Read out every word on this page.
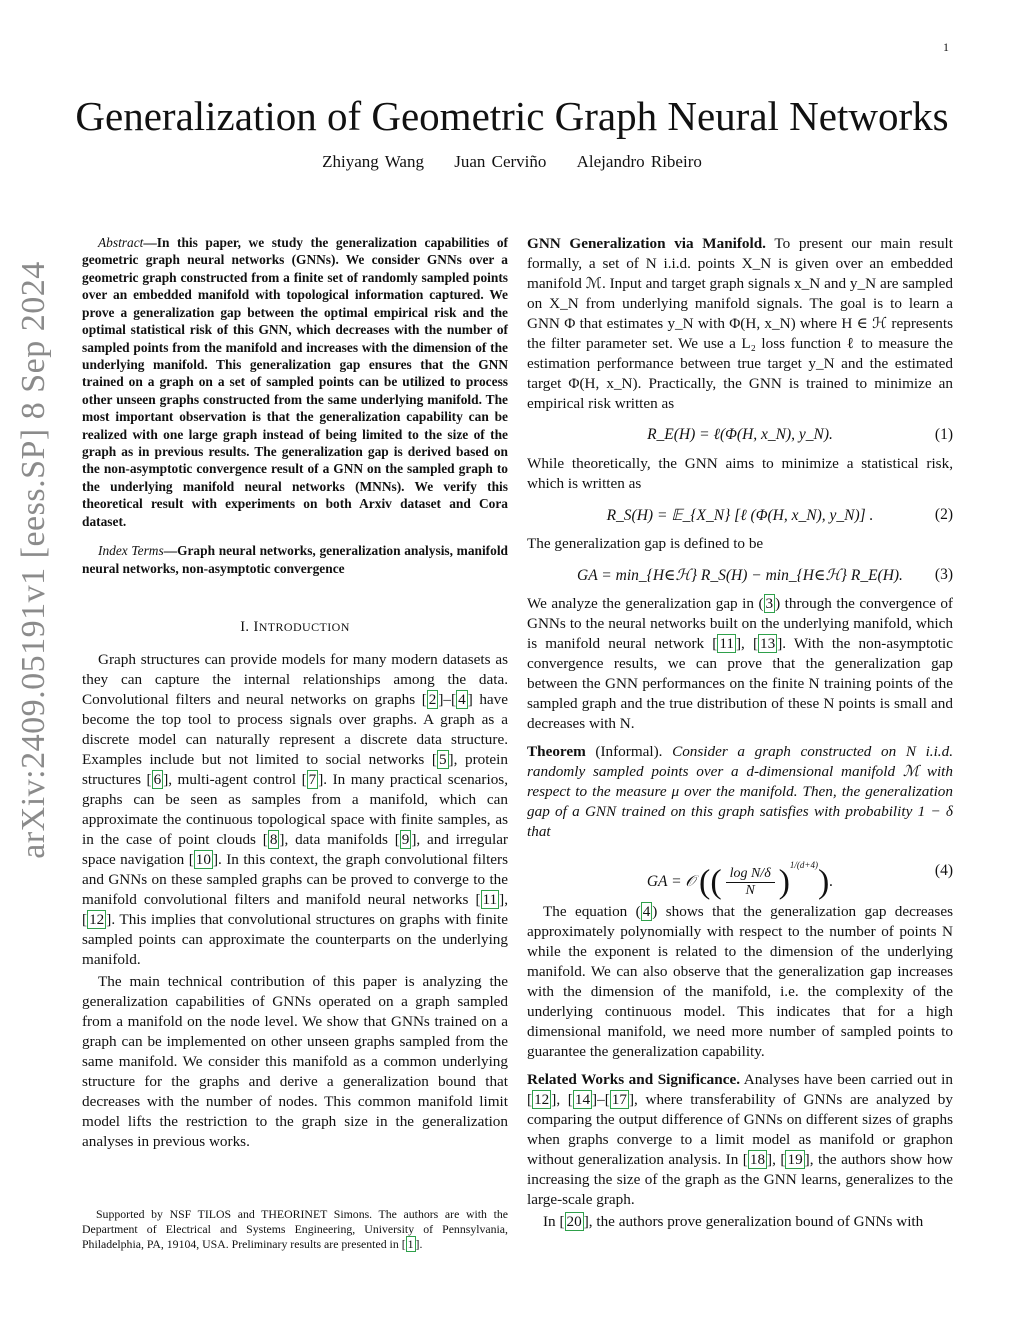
1
arXiv:2409.05191v1 [eess.SP] 8 Sep 2024
Generalization of Geometric Graph Neural Networks
Zhiyang Wang Juan Cerviño Alejandro Ribeiro

Abstract—In this paper, we study the generalization capabilities of geometric graph neural networks (GNNs). We consider GNNs over a geometric graph constructed from a finite set of randomly sampled points over an embedded manifold with topological information captured. We prove a generalization gap between the optimal empirical risk and the optimal statistical risk of this GNN, which decreases with the number of sampled points from the manifold and increases with the dimension of the underlying manifold. This generalization gap ensures that the GNN trained on a graph on a set of sampled points can be utilized to process other unseen graphs constructed from the same underlying manifold. The most important observation is that the generalization capability can be realized with one large graph instead of being limited to the size of the graph as in previous results. The generalization gap is derived based on the non-asymptotic convergence result of a GNN on the sampled graph to the underlying manifold neural networks (MNNs). We verify this theoretical result with experiments on both Arxiv dataset and Cora dataset.

Index Terms—Graph neural networks, generalization analysis, manifold neural networks, non-asymptotic convergence

I. INTRODUCTION

Graph structures can provide models for many modern datasets as they can capture the internal relationships among the data. Convolutional filters and neural networks on graphs [ 2 ]–[ 4 ] have become the top tool to process signals over graphs. A graph as a discrete model can naturally represent a discrete data structure. Examples include but not limited to social networks [ 5 ], protein structures [ 6 ], multi-agent control [ 7 ]. In many practical scenarios, graphs can be seen as samples from a manifold, which can approximate the continuous topological space with finite samples, as in the case of point clouds [ 8 ], data manifolds [ 9 ], and irregular space navigation [ 10 ]. In this context, the graph convolutional filters and GNNs on these sampled graphs can be proved to converge to the manifold convolutional filters and manifold neural networks [ 11 ], [ 12 ]. This implies that convolutional structures on graphs with finite sampled points can approximate the counterparts on the underlying manifold.

The main technical contribution of this paper is analyzing the generalization capabilities of GNNs operated on a graph sampled from a manifold on the node level. We show that GNNs trained on a graph can be implemented on other unseen graphs sampled from the same manifold. We consider this manifold as a common underlying structure for the graphs and derive a generalization bound that decreases with the number of nodes. This common manifold limit model lifts the restriction to the graph size in the generalization analyses in previous works.

Supported by NSF TILOS and THEORINET Simons. The authors are with the Department of Electrical and Systems Engineering, University of Pennsylvania, Philadelphia, PA, 19104, USA. Preliminary results are presented in [ 1 ].

GNN Generalization via Manifold. To present our main result formally, a set of N i.i.d. points X_N is given over an embedded manifold ℳ. Input and target graph signals x_N and y_N are sampled on X_N from underlying manifold signals. The goal is to learn a GNN Φ that estimates y_N with Φ(H, x_N) where H ∈ ℋ represents the filter parameter set. We use a L₂ loss function ℓ to measure the estimation performance between true target y_N and the estimated target Φ(H, x_N). Practically, the GNN is trained to minimize an empirical risk written as

R_E(H) = ℓ(Φ(H, x_N), y_N).	(1)

While theoretically, the GNN aims to minimize a statistical risk, which is written as

R_S(H) = 𝔼_{X_N} [ℓ (Φ(H, x_N), y_N)] .	(2)

The generalization gap is defined to be

GA = min_{H∈ℋ} R_S(H) − min_{H∈ℋ} R_E(H).	(3)

We analyze the generalization gap in ( 3 ) through the convergence of GNNs to the neural networks built on the underlying manifold, which is manifold neural network [ 11 ], [ 13 ]. With the non-asymptotic convergence results, we can prove that the generalization gap between the GNN performances on the finite N training points of the sampled graph and the true distribution of these N points is small and decreases with N.

Theorem (Informal). Consider a graph constructed on N i.i.d. randomly sampled points over a d-dimensional manifold ℳ with respect to the measure μ over the manifold. Then, the generalization gap of a GNN trained on this graph satisfies with probability 1 − δ that

GA = 𝒪 (( $\frac{\text{log N/δ}}{N} )^{1/(d+4)}$).
(4)

The equation ( 4 ) shows that the generalization gap decreases approximately polynomially with respect to the number of points N while the exponent is related to the dimension of the underlying manifold. We can also observe that the generalization gap increases with the dimension of the manifold, i.e. the complexity of the underlying continuous model. This indicates that for a high dimensional manifold, we need more number of sampled points to guarantee the generalization capability.

Related Works and Significance. Analyses have been carried out in [ 12 ], [ 14 ]–[ 17 ], where transferability of GNNs are analyzed by comparing the output difference of GNNs on different sizes of graphs when graphs converge to a limit model as manifold or graphon without generalization analysis. In [ 18 ], [ 19 ], the authors show how increasing the size of the graph as the GNN learns, generalizes to the large-scale graph.

In [ 20 ], the authors prove generalization bound of GNNs with
